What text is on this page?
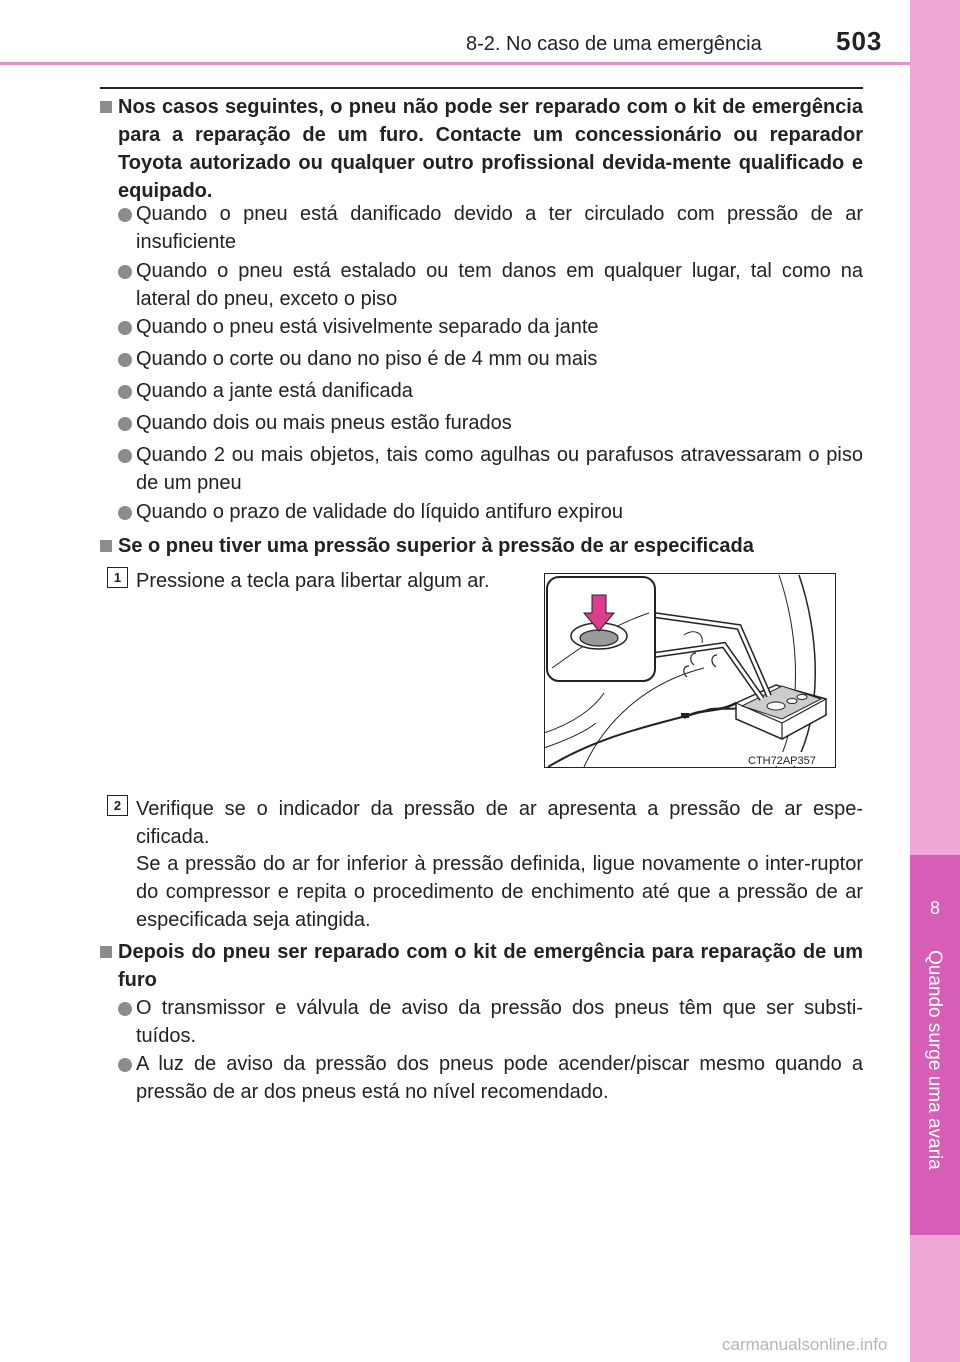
8-2. No caso de uma emergência	503
8
Quando surge uma avaria
Nos casos seguintes, o pneu não pode ser reparado com o kit de emergência para a reparação de um furo. Contacte um concessionário ou reparador Toyota autorizado ou qualquer outro profissional devida-mente qualificado e equipado.
Quando o pneu está danificado devido a ter circulado com pressão de ar insuficiente
Quando o pneu está estalado ou tem danos em qualquer lugar, tal como na lateral do pneu, exceto o piso
Quando o pneu está visivelmente separado da jante
Quando o corte ou dano no piso é de 4 mm ou mais
Quando a jante está danificada
Quando dois ou mais pneus estão furados
Quando 2 ou mais objetos, tais como agulhas ou parafusos atravessaram o piso de um pneu
Quando o prazo de validade do líquido antifuro expirou
Se o pneu tiver uma pressão superior à pressão de ar especificada
1 Pressione a tecla para libertar algum ar.
CTH72AP357
2 Verifique se o indicador da pressão de ar apresenta a pressão de ar espe-cificada.
Se a pressão do ar for inferior à pressão definida, ligue novamente o inter-ruptor do compressor e repita o procedimento de enchimento até que a pressão de ar especificada seja atingida.
Depois do pneu ser reparado com o kit de emergência para reparação de um furo
O transmissor e válvula de aviso da pressão dos pneus têm que ser substi-tuídos.
A luz de aviso da pressão dos pneus pode acender/piscar mesmo quando a pressão de ar dos pneus está no nível recomendado.
carmanualsonline.info
